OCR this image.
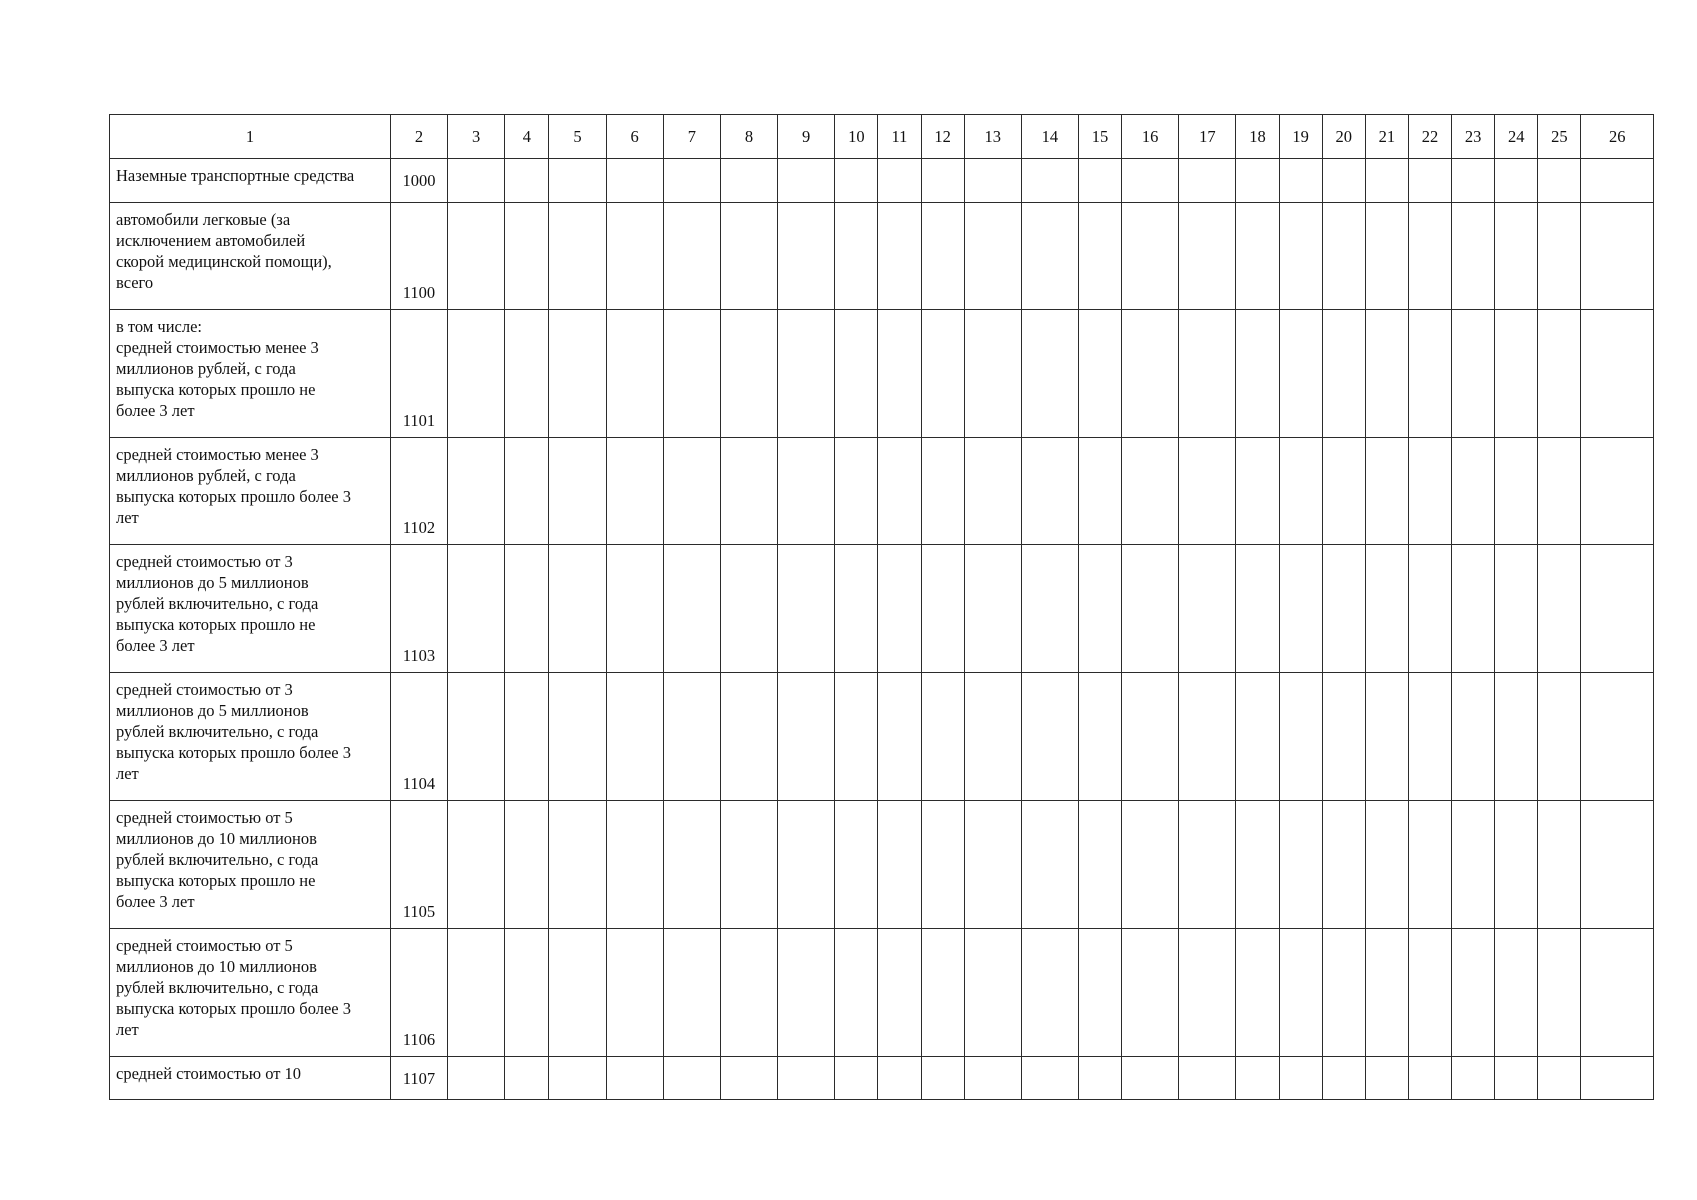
1	2	3	4	5	6	7	8	9	10	11	12	13	14	15	16	17	18	19	20	21	22	23	24	25	26
Наземные транспортные средства	1000																								
автомобили легковые (за
исключением автомобилей
скорой медицинской помощи),
всего	1100																								
в том числе:
средней стоимостью менее 3
миллионов рублей, с года
выпуска которых прошло не
более 3 лет	1101																								
средней стоимостью менее 3
миллионов рублей, с года
выпуска которых прошло более 3
лет	1102																								
средней стоимостью от 3
миллионов до 5 миллионов
рублей включительно, с года
выпуска которых прошло не
более 3 лет	1103																								
средней стоимостью от 3
миллионов до 5 миллионов
рублей включительно, с года
выпуска которых прошло более 3
лет	1104																								
средней стоимостью от 5
миллионов до 10 миллионов
рублей включительно, с года
выпуска которых прошло не
более 3 лет	1105																								
средней стоимостью от 5
миллионов до 10 миллионов
рублей включительно, с года
выпуска которых прошло более 3
лет	1106																								
средней стоимостью от 10	1107																								
